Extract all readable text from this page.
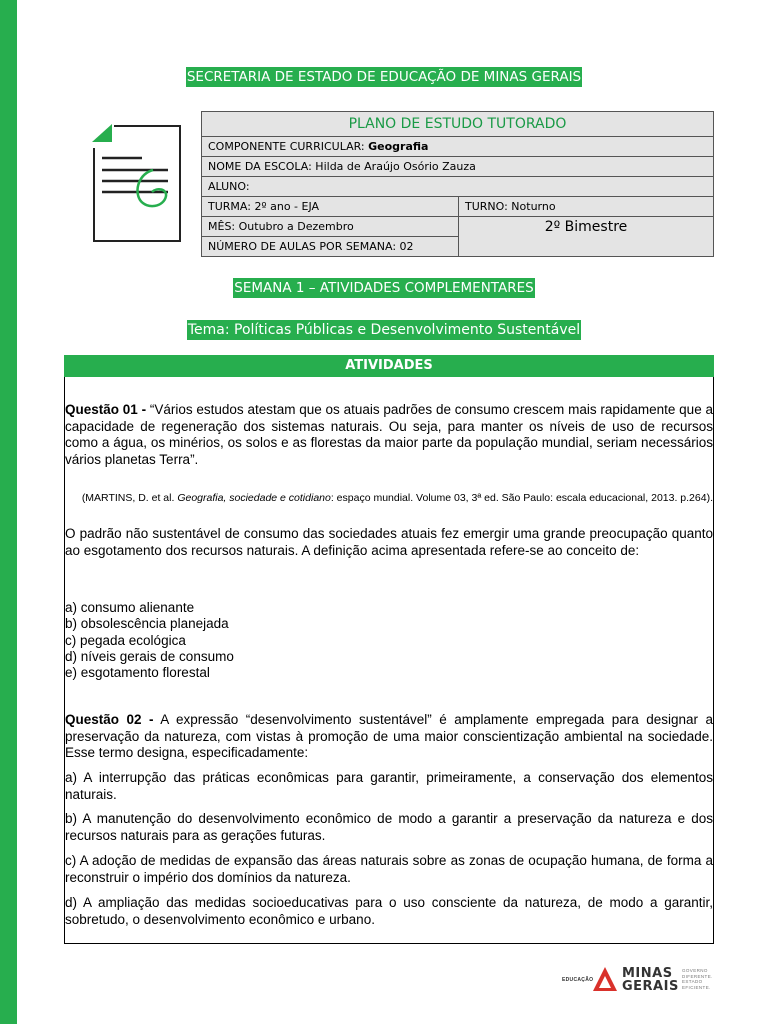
SECRETARIA DE ESTADO DE EDUCAÇÃO DE MINAS GERAIS
PLANO DE ESTUDO TUTORADO	
COMPONENTE CURRICULAR: Geografia	
NOME DA ESCOLA: Hilda de Araújo Osório Zauza	
ALUNO:	
TURMA: 2º ano - EJA	TURNO: Noturno
MÊS: Outubro a Dezembro	2º Bimestre
NÚMERO DE AULAS POR SEMANA: 02	
SEMANA 1 – ATIVIDADES COMPLEMENTARES
Tema: Políticas Públicas e Desenvolvimento Sustentável
ATIVIDADES

Questão 01 - “Vários estudos atestam que os atuais padrões de consumo crescem mais rapidamente que a capacidade de regeneração dos sistemas naturais. Ou seja, para manter os níveis de uso de recursos como a água, os minérios, os solos e as florestas da maior parte da população mundial, seriam necessários vários planetas Terra”.

(MARTINS, D. et al. Geografia, sociedade e cotidiano: espaço mundial. Volume 03, 3ª ed. São Paulo: escala educacional, 2013. p.264).

O padrão não sustentável de consumo das sociedades atuais fez emergir uma grande preocupação quanto ao esgotamento dos recursos naturais. A definição acima apresentada refere-se ao conceito de:

a) consumo alienante
b) obsolescência planejada
c) pegada ecológica
d) níveis gerais de consumo
e) esgotamento florestal

Questão 02 - A expressão “desenvolvimento sustentável” é amplamente empregada para designar a preservação da natureza, com vistas à promoção de uma maior conscientização ambiental na sociedade. Esse termo designa, especificadamente:

a) A interrupção das práticas econômicas para garantir, primeiramente, a conservação dos elementos naturais.

b) A manutenção do desenvolvimento econômico de modo a garantir a preservação da natureza e dos recursos naturais para as gerações futuras.

c) A adoção de medidas de expansão das áreas naturais sobre as zonas de ocupação humana, de forma a reconstruir o império dos domínios da natureza.

d) A ampliação das medidas socioeducativas para o uso consciente da natureza, de modo a garantir, sobretudo, o desenvolvimento econômico e urbano.

EDUCAÇÃO MINAS
GERAIS
GOVERNO
DIFERENTE.
ESTADO
EFICIENTE.
